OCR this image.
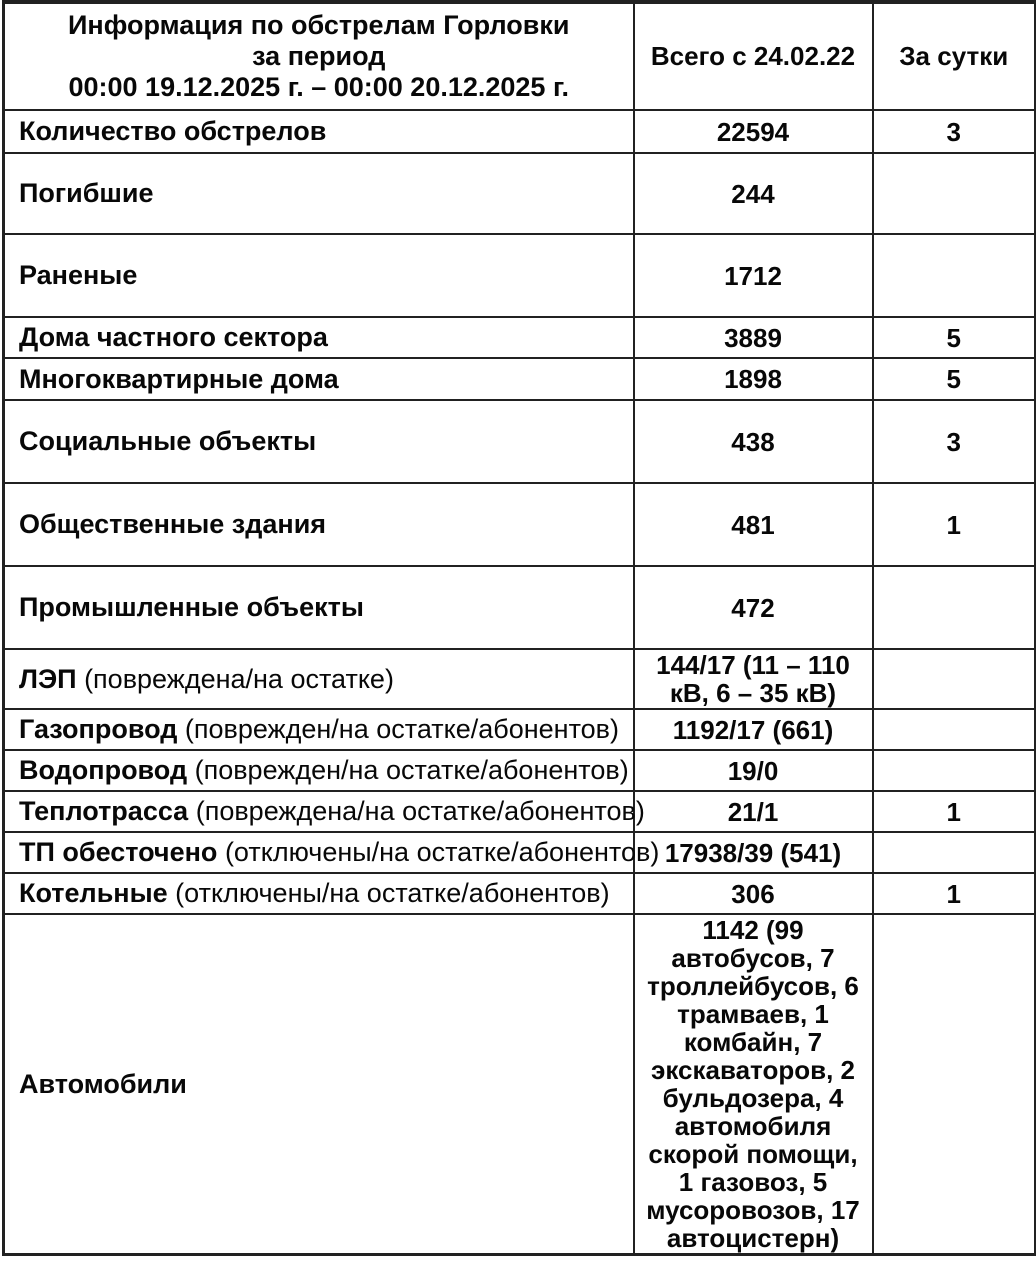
Информация по обстрелам Горловки
за период
00:00 19.12.2025 г. – 00:00 20.12.2025 г.	Всего с 24.02.22	За сутки
Количество обстрелов	22594	3
Погибшие	244	
Раненые	1712	
Дома частного сектора	3889	5
Многоквартирные дома	1898	5
Социальные объекты	438	3
Общественные здания	481	1
Промышленные объекты	472	
ЛЭП (повреждена/на остатке)	144/17 (11 – 110 кВ, 6 – 35 кВ)	
Газопровод (поврежден/на остатке/абонентов)	1192/17 (661)	
Водопровод (поврежден/на остатке/абонентов)	19/0	
Теплотрасса (повреждена/на остатке/абонентов)	21/1	1
ТП обесточено (отключены/на остатке/абонентов)	17938/39 (541)	
Котельные (отключены/на остатке/абонентов)	306	1
Автомобили	1142 (99 автобусов, 7 троллейбусов, 6 трамваев, 1 комбайн, 7 экскаваторов, 2 бульдозера, 4 автомобиля скорой помощи, 1 газовоз, 5 мусоровозов, 17 автоцистерн)	
